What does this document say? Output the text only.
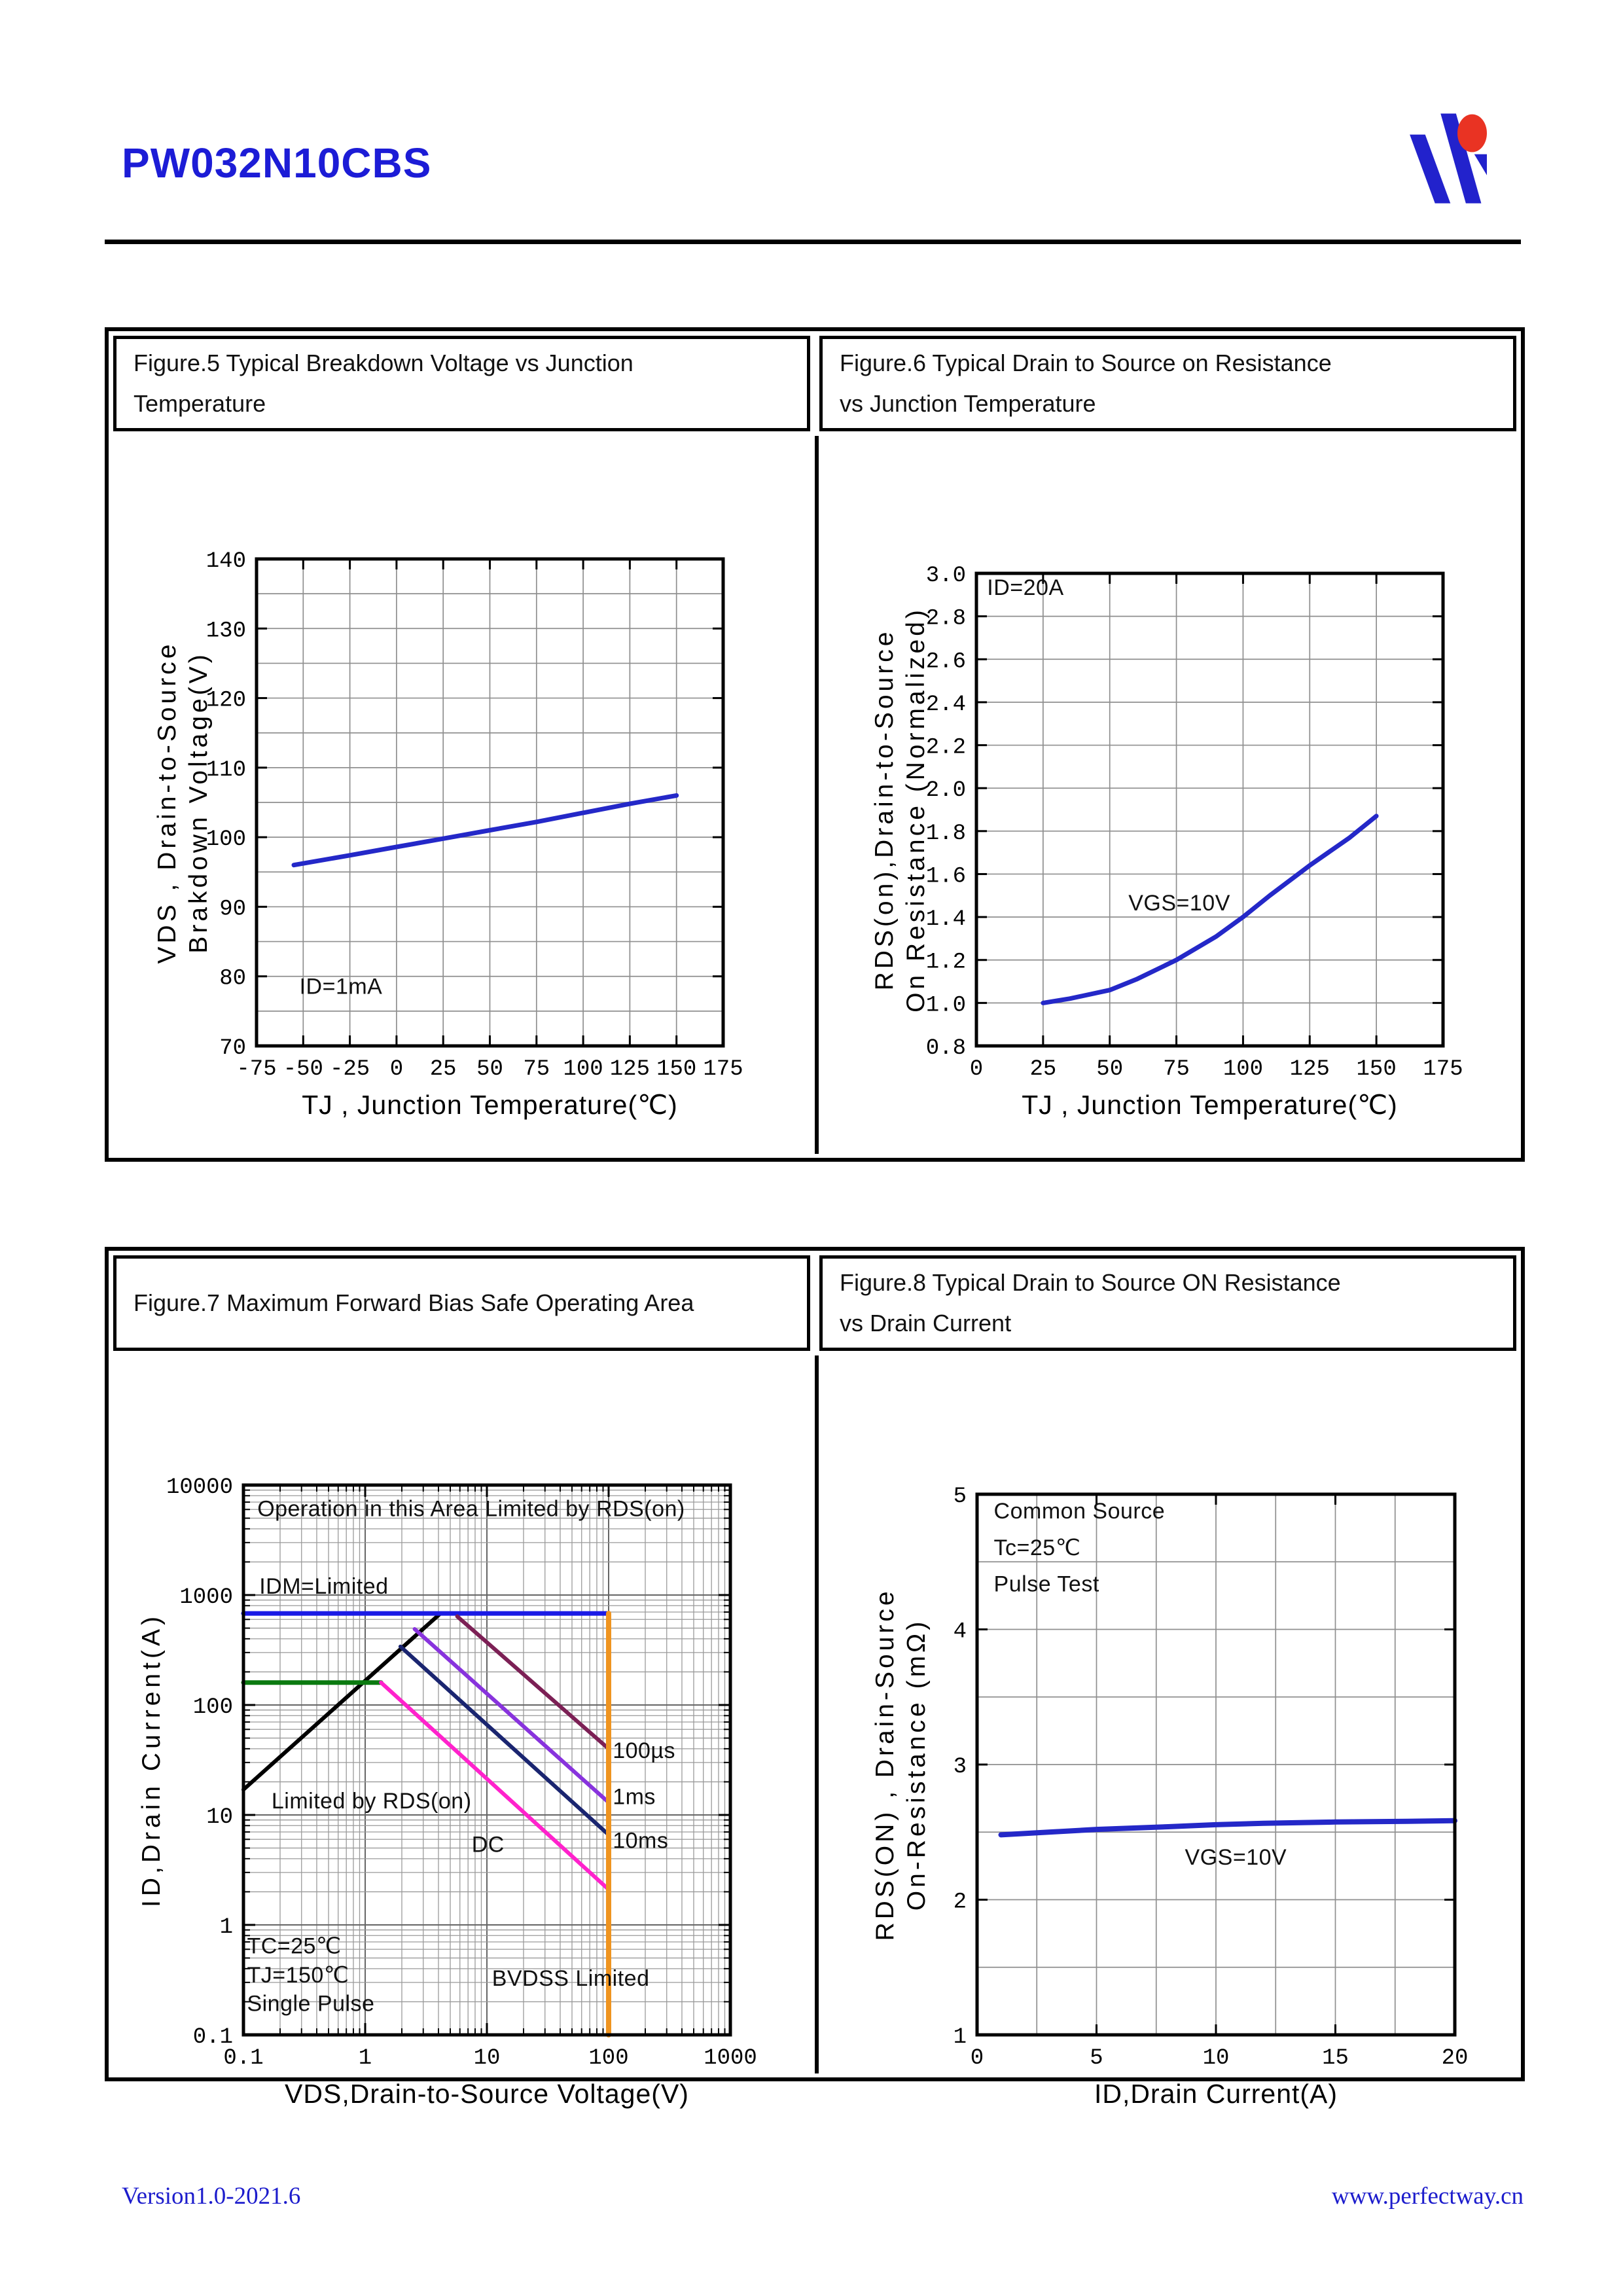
PW032N10CBS
Figure.5 Typical Breakdown Voltage vs Junction
Temperature
Figure.6 Typical Drain to Source on Resistance
vs Junction Temperature
-75 -50 -25 0 25 50 75 100 125 150 175
70
80
90
100
110
120
130
140
TJ , Junction Temperature(℃)
VDS , Drain-to-Source Brakdown Voltage(V)
ID=1mA
0 25 50 75 100 125 150 175
0.8
1.0
1.2
1.4
1.6
1.8
2.0
2.2
2.4
2.6
2.8
3.0
TJ , Junction Temperature(℃)
RDS(on),Drain-to-Source On Resistance (Normalized)
ID=20A
VGS=10V
Figure.7 Maximum Forward Bias Safe Operating Area
Figure.8 Typical Drain to Source ON Resistance
vs Drain Current
0.1	1	10	100	1000
0.1
1
10
100
1000
10000
VDS,Drain-to-Source Voltage(V)
ID,Drain Current(A)
Operation in this Area Limited by RDS(on)
IDM=Limited
Limited by RDS(on)
DC
100µs
1ms
10ms
TC=25℃
TJ=150℃
Single Pulse
BVDSS Limited
0	5	10	15	20
1
2
3
4
5
ID,Drain Current(A)
RDS(ON) , Drain-Source On-Resistance (mΩ)
Common Source
Tc=25℃
Pulse Test
VGS=10V
Version1.0-2021.6	www.perfectway.cn
